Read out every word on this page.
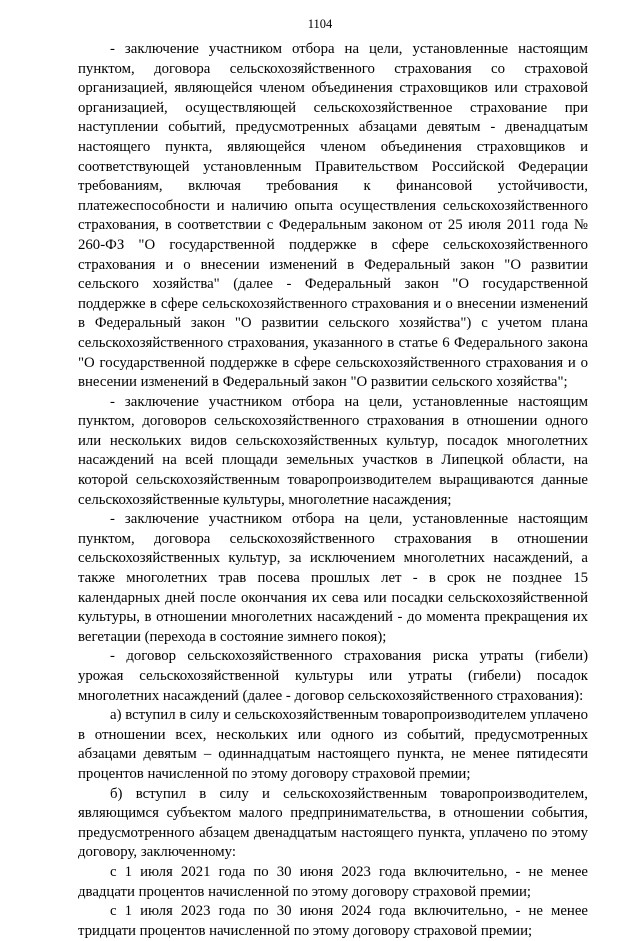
1104

- заключение участником отбора на цели, установленные настоящим пунктом, договора сельскохозяйственного страхования со страховой организацией, являющейся членом объединения страховщиков или страховой организацией, осуществляющей сельскохозяйственное страхование при наступлении событий, предусмотренных абзацами девятым - двенадцатым настоящего пункта, являющейся членом объединения страховщиков и соответствующей установленным Правительством Российской Федерации требованиям, включая требования к финансовой устойчивости, платежеспособности и наличию опыта осуществления сельскохозяйственного страхования, в соответствии с Федеральным законом от 25 июля 2011 года № 260-ФЗ "О государственной поддержке в сфере сельскохозяйственного страхования и о внесении изменений в Федеральный закон "О развитии сельского хозяйства" (далее - Федеральный закон "О государственной поддержке в сфере сельскохозяйственного страхования и о внесении изменений в Федеральный закон "О развитии сельского хозяйства") с учетом плана сельскохозяйственного страхования, указанного в статье 6 Федерального закона "О государственной поддержке в сфере сельскохозяйственного страхования и о внесении изменений в Федеральный закон "О развитии сельского хозяйства";

- заключение участником отбора на цели, установленные настоящим пунктом, договоров сельскохозяйственного страхования в отношении одного или нескольких видов сельскохозяйственных культур, посадок многолетних насаждений на всей площади земельных участков в Липецкой области, на которой сельскохозяйственным товаропроизводителем выращиваются данные сельскохозяйственные культуры, многолетние насаждения;

- заключение участником отбора на цели, установленные настоящим пунктом, договора сельскохозяйственного страхования в отношении сельскохозяйственных культур, за исключением многолетних насаждений, а также многолетних трав посева прошлых лет - в срок не позднее 15 календарных дней после окончания их сева или посадки сельскохозяйственной культуры, в отношении многолетних насаждений - до момента прекращения их вегетации (перехода в состояние зимнего покоя);

- договор сельскохозяйственного страхования риска утраты (гибели) урожая сельскохозяйственной культуры или утраты (гибели) посадок многолетних насаждений (далее - договор сельскохозяйственного страхования):

а) вступил в силу и сельскохозяйственным товаропроизводителем уплачено в отношении всех, нескольких или одного из событий, предусмотренных абзацами девятым – одиннадцатым настоящего пункта, не менее пятидесяти процентов начисленной по этому договору страховой премии;

б) вступил в силу и сельскохозяйственным товаропроизводителем, являющимся субъектом малого предпринимательства, в отношении события, предусмотренного абзацем двенадцатым настоящего пункта, уплачено по этому договору, заключенному:

с 1 июля 2021 года по 30 июня 2023 года включительно, - не менее двадцати процентов начисленной по этому договору страховой премии;

с 1 июля 2023 года по 30 июня 2024 года включительно, - не менее тридцати процентов начисленной по этому договору страховой премии;
